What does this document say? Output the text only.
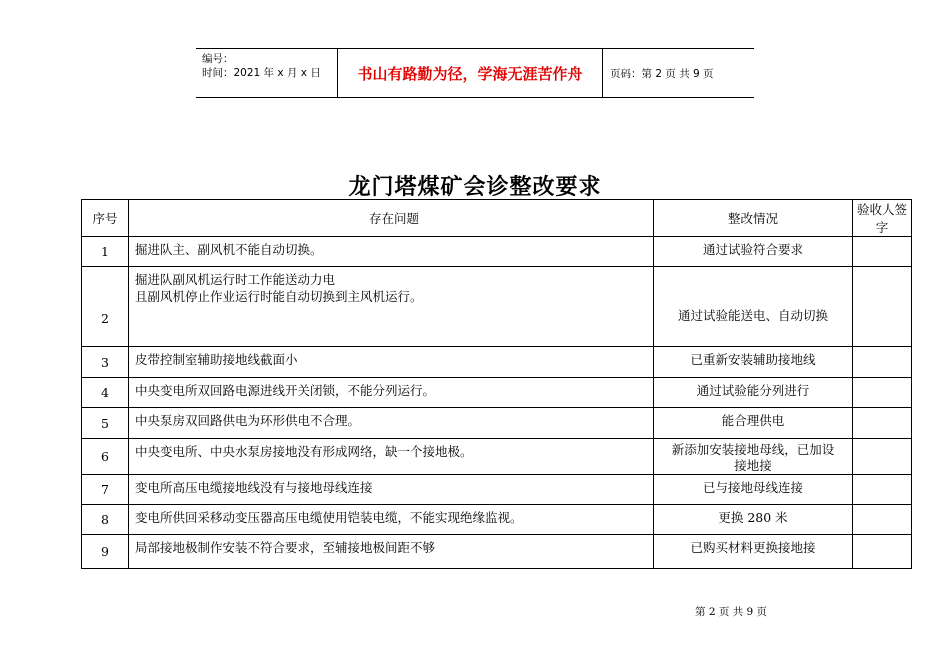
编号：
时间：2021 年 x 月 x 日	书山有路勤为径，学海无涯苦作舟	页码：第 2 页 共 9 页
龙门塔煤矿会诊整改要求
序号	存在问题	整改情况	验收人签字
1	掘进队主、副风机不能自动切换。	通过试验符合要求	
2	掘进队副风机运行时工作能送动力电
且副风机停止作业运行时能自动切换到主风机运行。	通过试验能送电、自动切换	
3	皮带控制室辅助接地线截面小	已重新安装辅助接地线	
4	中央变电所双回路电源进线开关闭锁，不能分列运行。	通过试验能分列进行	
5	中央泵房双回路供电为环形供电不合理。	能合理供电	
6	中央变电所、中央水泵房接地没有形成网络，缺一个接地极。	新添加安装接地母线，已加设接地接	
7	变电所高压电缆接地线没有与接地母线连接	已与接地母线连接	
8	变电所供回采移动变压器高压电缆使用铠装电缆，不能实现绝缘监视。	更换 280 米	
9	局部接地极制作安装不符合要求，至辅接地极间距不够	已购买材料更换接地接	
第 2 页 共 9 页
